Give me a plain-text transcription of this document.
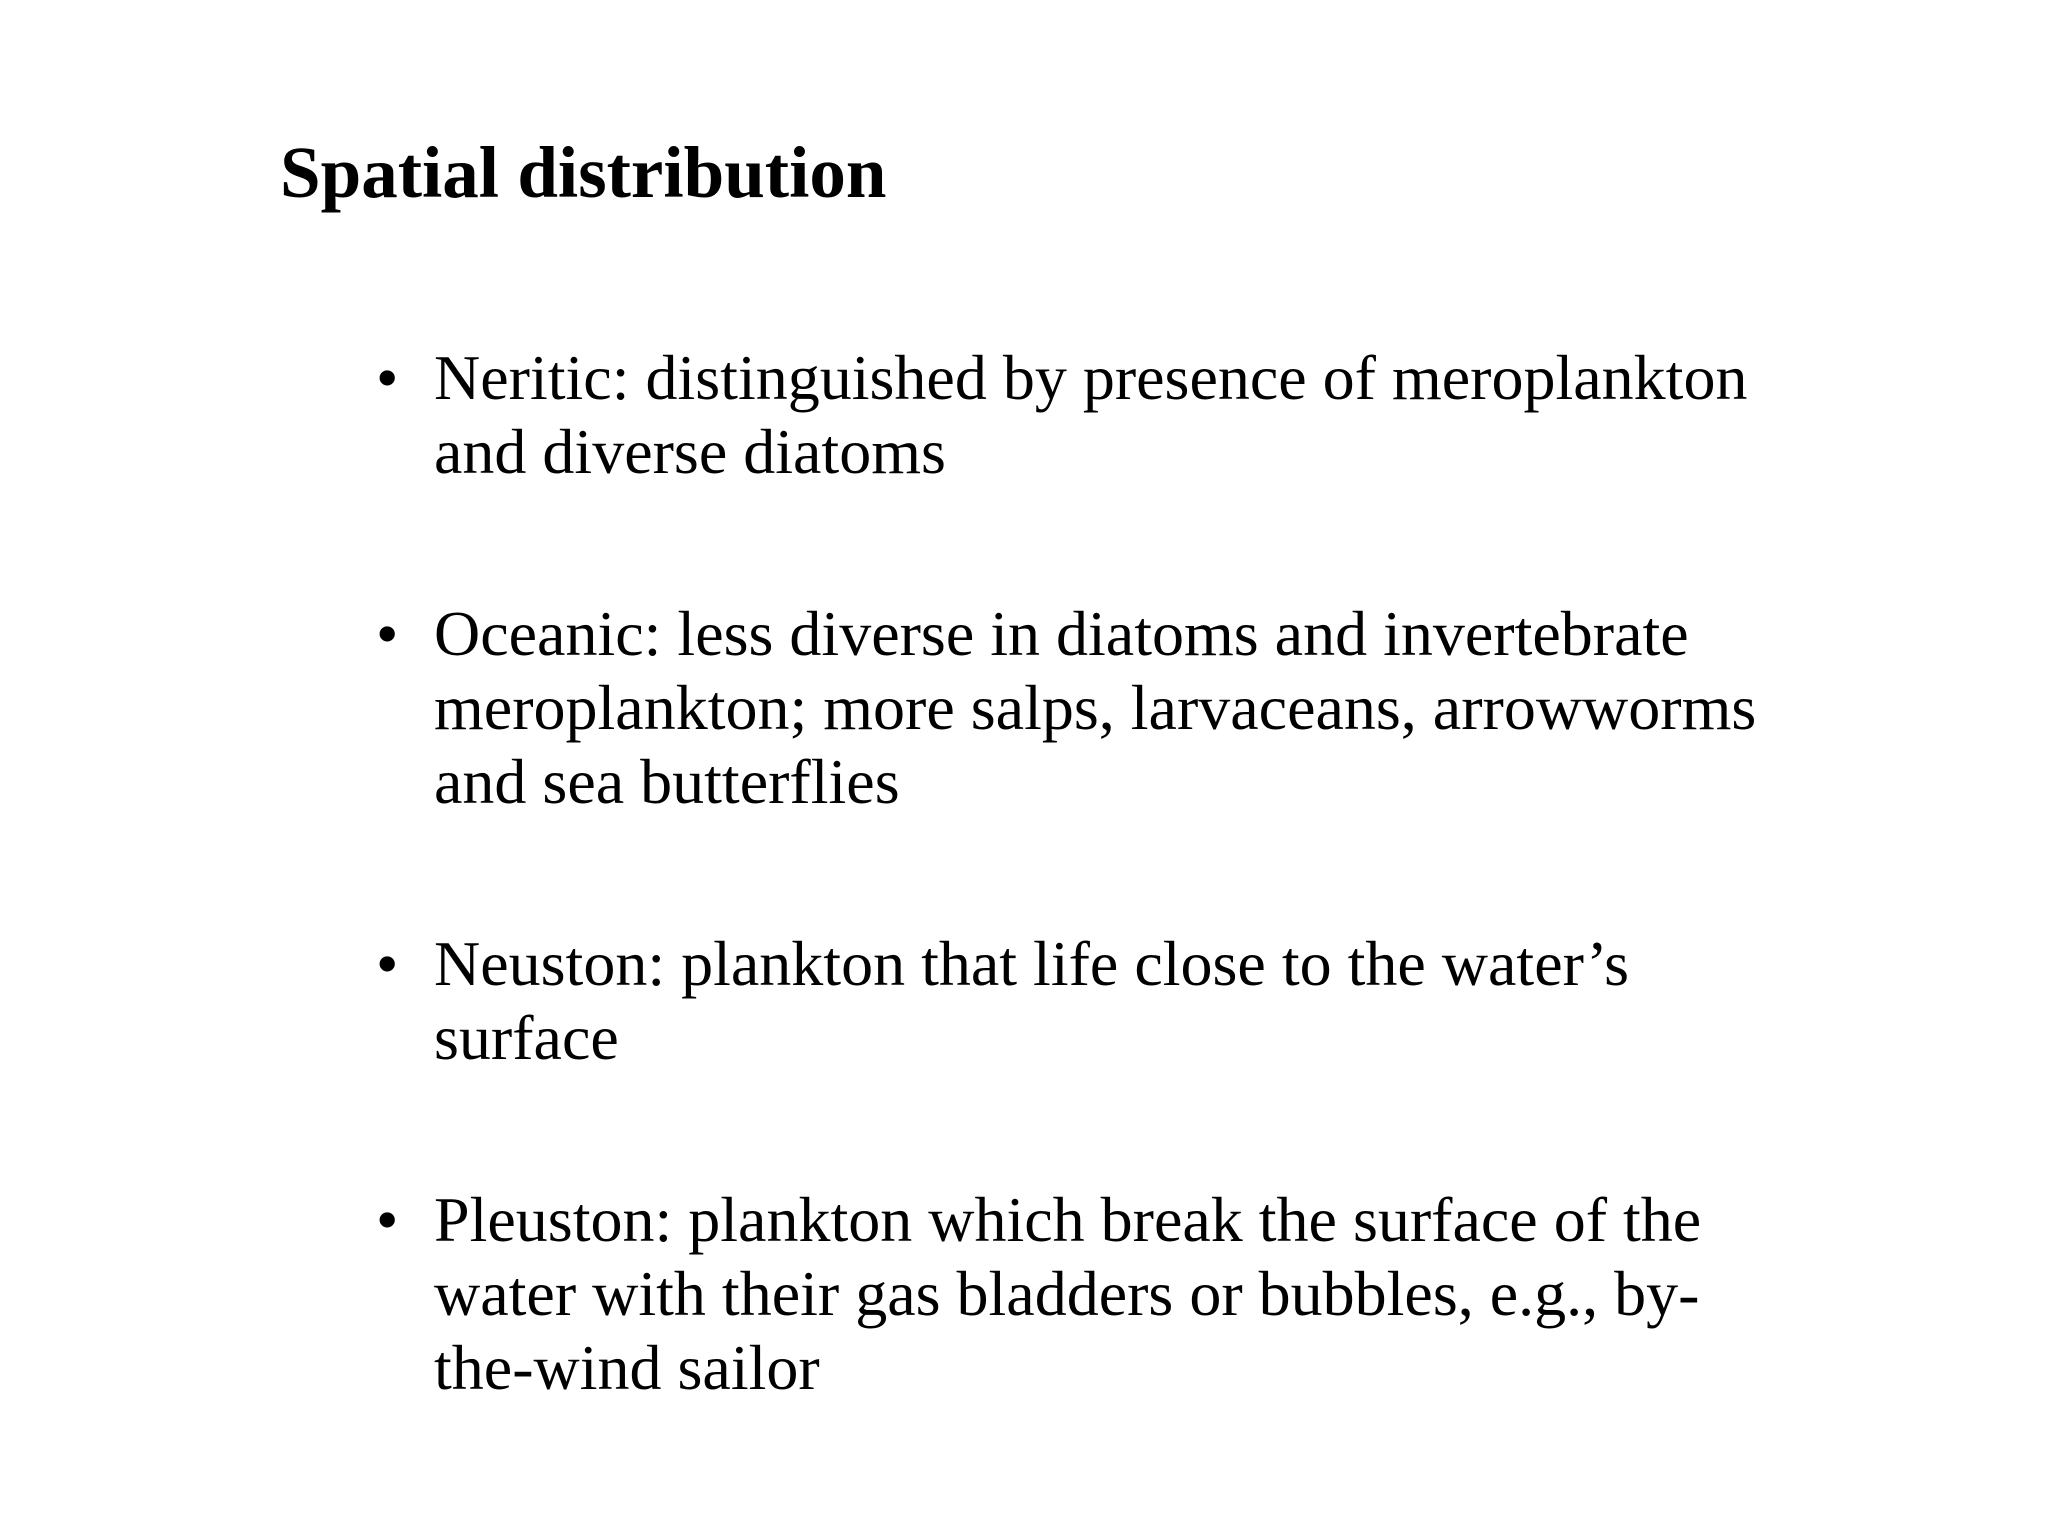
Spatial distribution
• Neritic: distinguished by presence of meroplankton
and diverse diatoms
• Oceanic: less diverse in diatoms and invertebrate
meroplankton; more salps, larvaceans, arrowworms
and sea butterflies
• Neuston: plankton that life close to the water’s
surface
• Pleuston: plankton which break the surface of the
water with their gas bladders or bubbles, e.g., by-
the-wind sailor
